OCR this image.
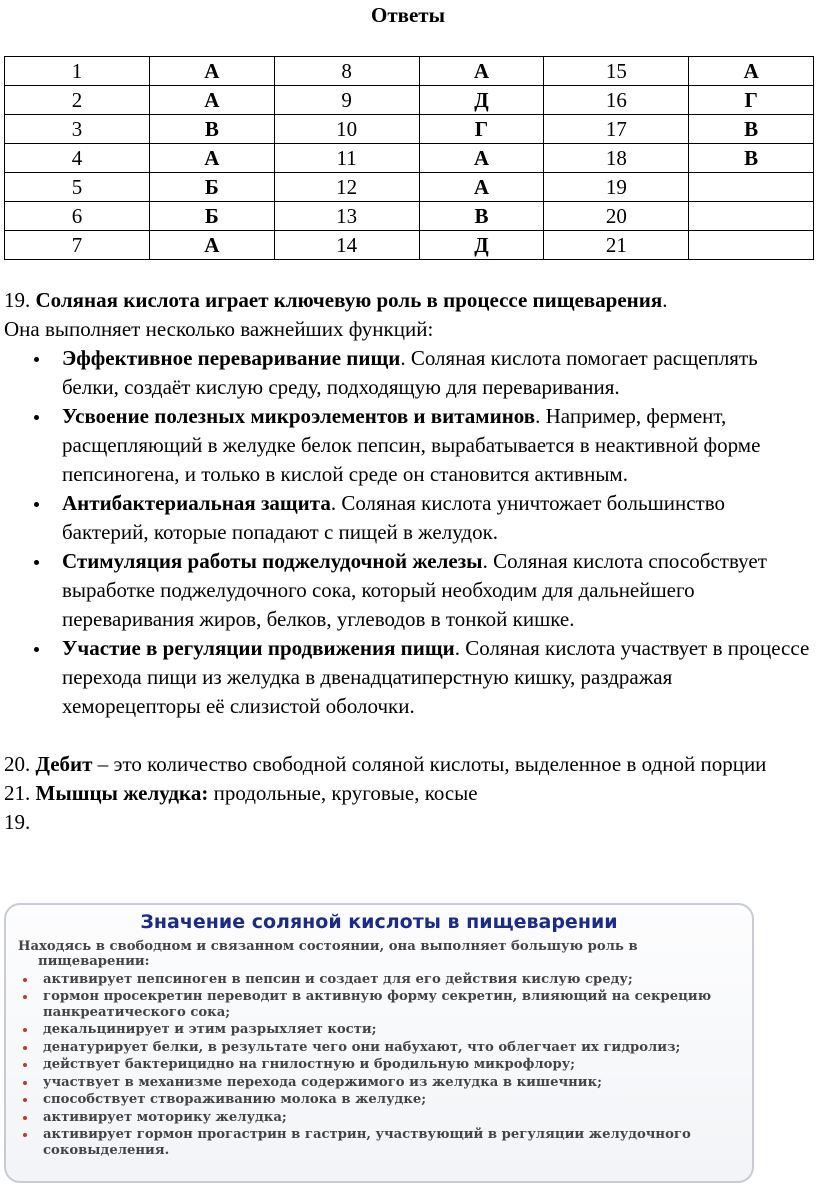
Ответы
1	А	8	А	15	А
2	А	9	Д	16	Г
3	В	10	Г	17	В
4	А	11	А	18	В
5	Б	12	А	19	
6	Б	13	В	20	
7	А	14	Д	21	

19. Соляная кислота играет ключевую роль в процессе пищеварения.

Она выполняет несколько важнейших функций:

Эффективное переваривание пищи. Соляная кислота помогает расщеплять белки, создаёт кислую среду, подходящую для переваривания.
Усвоение полезных микроэлементов и витаминов. Например, фермент, расщепляющий в желудке белок пепсин, вырабатывается в неактивной форме пепсиногена, и только в кислой среде он становится активным.
Антибактериальная защита. Соляная кислота уничтожает большинство бактерий, которые попадают с пищей в желудок.
Стимуляция работы поджелудочной железы. Соляная кислота способствует выработке поджелудочного сока, который необходим для дальнейшего переваривания жиров, белков, углеводов в тонкой кишке.
Участие в регуляции продвижения пищи. Соляная кислота участвует в процессе перехода пищи из желудка в двенадцатиперстную кишку, раздражая хеморецепторы её слизистой оболочки.

20. Дебит – это количество свободной соляной кислоты, выделенное в одной порции

21. Мышцы желудка: продольные, круговые, косые

19.

Значение соляной кислоты в пищеварении

Находясь в свободном и связанном состоянии, она выполняет большую роль в пищеварении:

активирует пепсиноген в пепсин и создает для его действия кислую среду;
гормон просекретин переводит в активную форму секретин, влияющий на секрецию панкреатического сока;
декальцинирует и этим разрыхляет кости;
денатурирует белки, в результате чего они набухают, что облегчает их гидролиз;
действует бактерицидно на гнилостную и бродильную микрофлору;
участвует в механизме перехода содержимого из желудка в кишечник;
способствует створаживанию молока в желудке;
активирует моторику желудка;
активирует гормон прогастрин в гастрин, участвующий в регуляции желудочного соковыделения.
